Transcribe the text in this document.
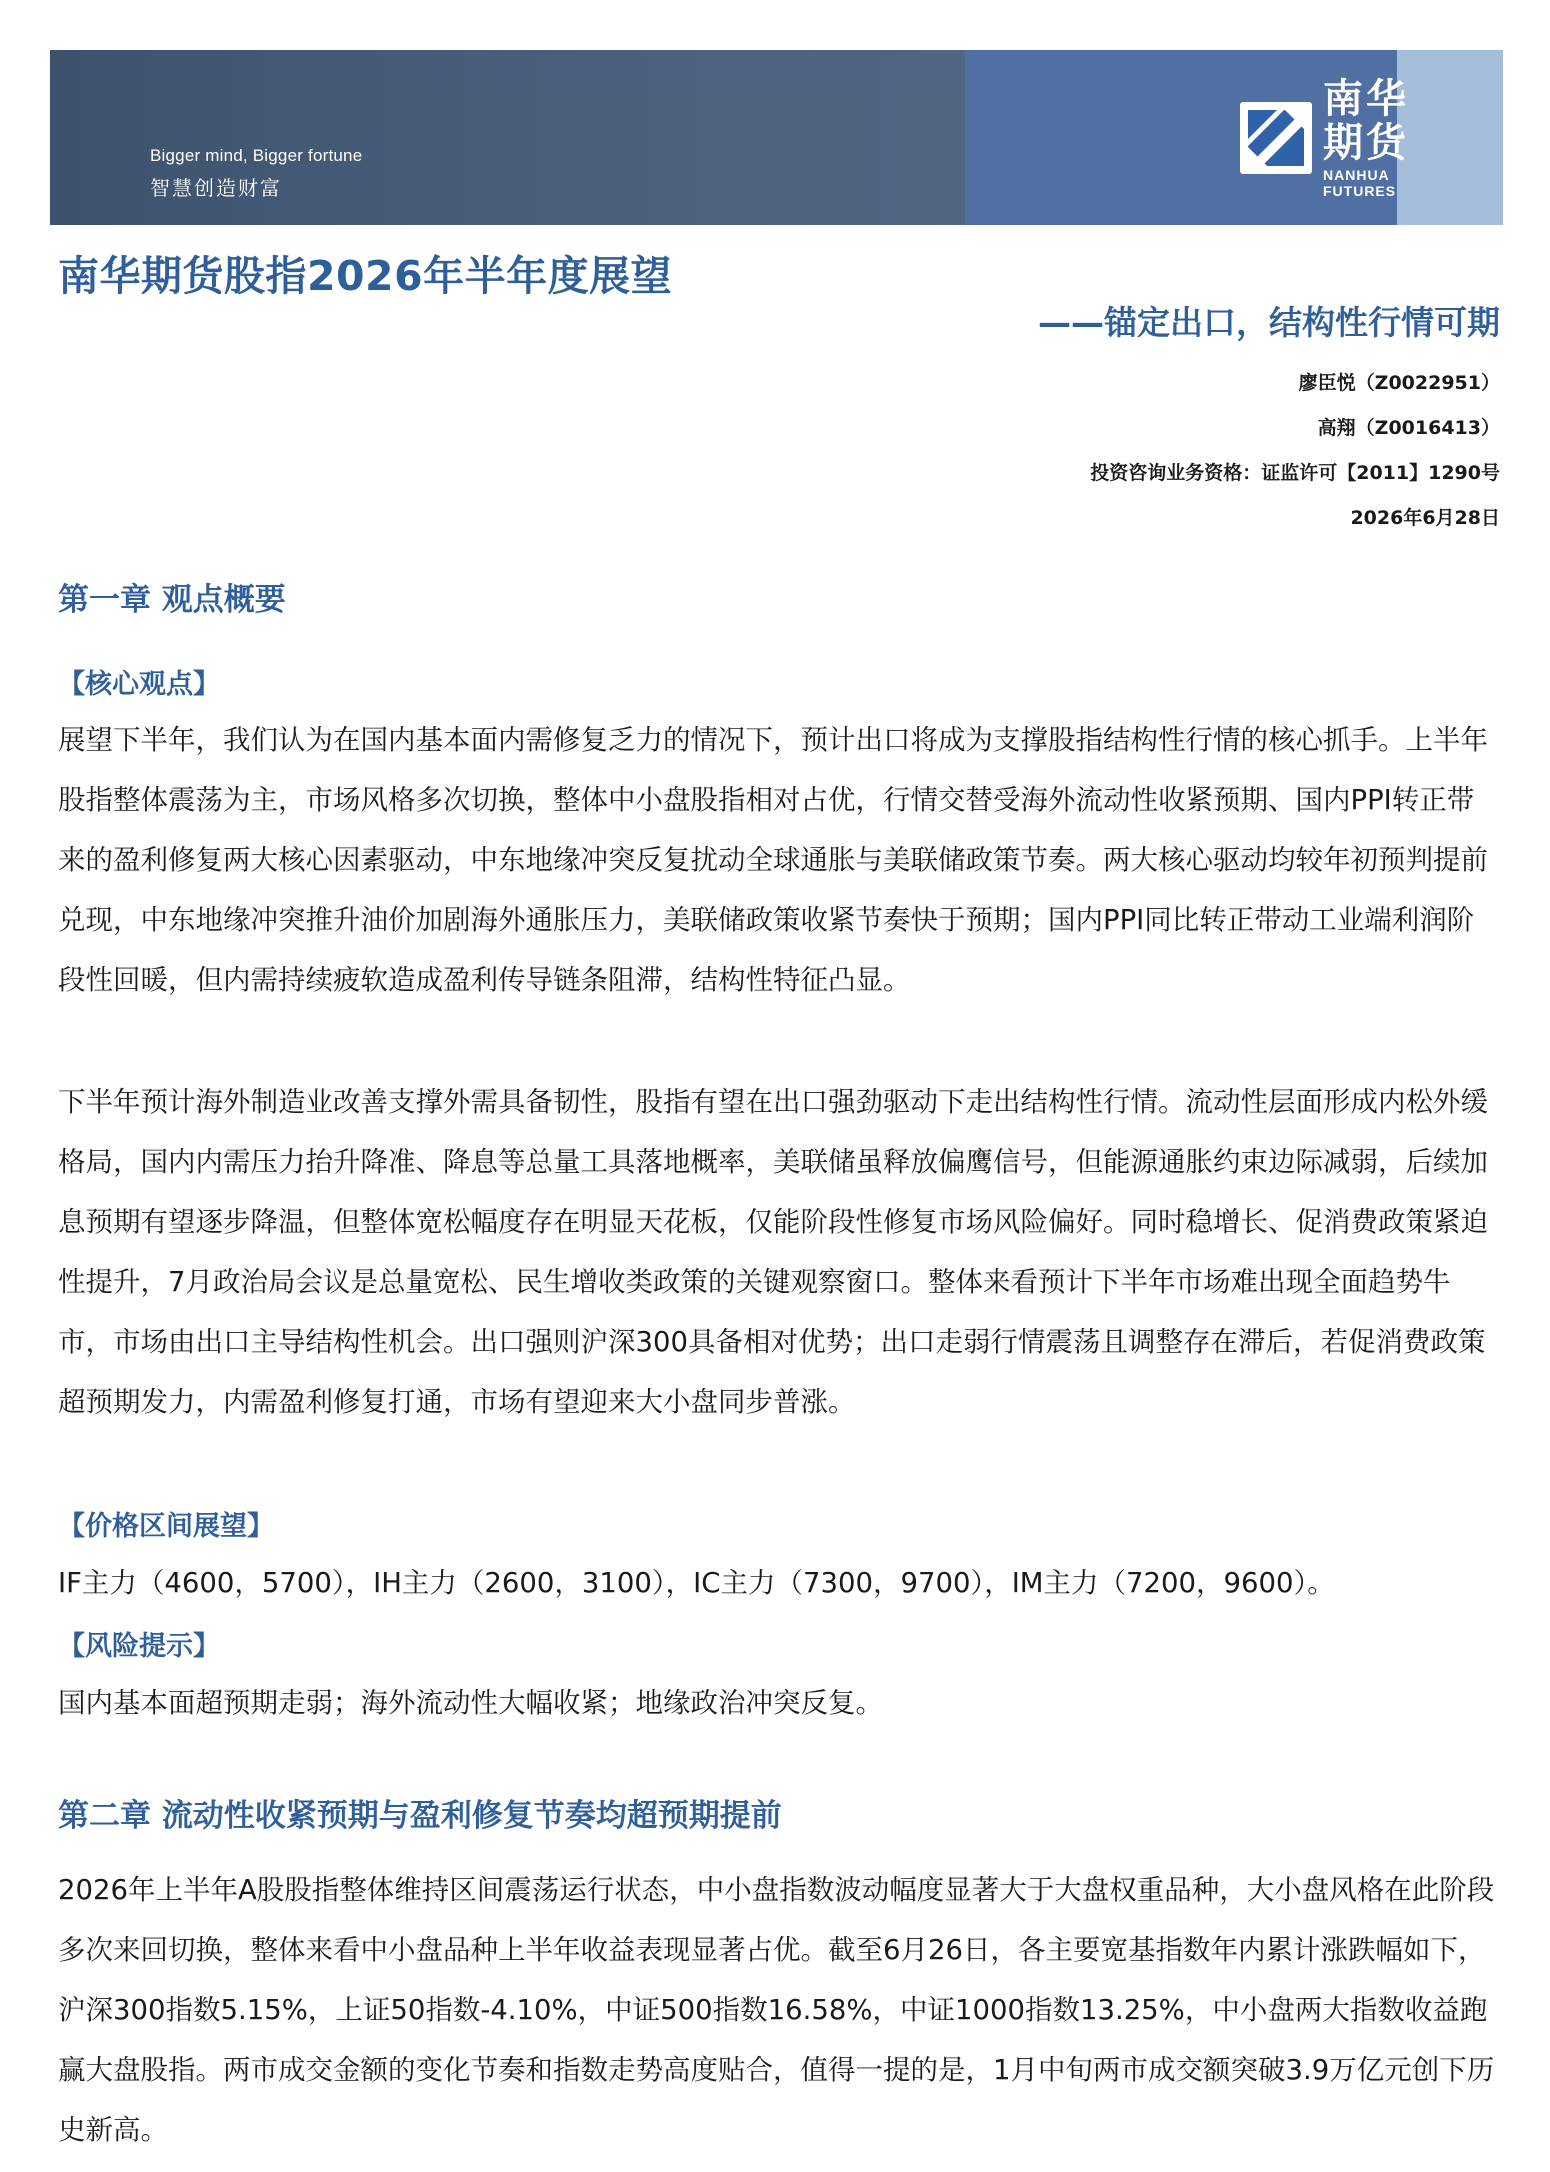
Bigger mind, Bigger fortune
智慧创造财富
南华期货
NANHUA FUTURES
南华期货股指2026年半年度展望
——锚定出口，结构性行情可期
廖臣悦（Z0022951）
高翔（Z0016413）
投资咨询业务资格：证监许可【2011】1290号
2026年6月28日
第一章 观点概要
【核心观点】
展望下半年，我们认为在国内基本面内需修复乏力的情况下，预计出口将成为支撑股指结构性行情的核心抓手。上半年股指整体震荡为主，市场风格多次切换，整体中小盘股指相对占优，行情交替受海外流动性收紧预期、国内PPI转正带来的盈利修复两大核心因素驱动，中东地缘冲突反复扰动全球通胀与美联储政策节奏。两大核心驱动均较年初预判提前兑现，中东地缘冲突推升油价加剧海外通胀压力，美联储政策收紧节奏快于预期；国内PPI同比转正带动工业端利润阶段性回暖，但内需持续疲软造成盈利传导链条阻滞，结构性特征凸显。
下半年预计海外制造业改善支撑外需具备韧性，股指有望在出口强劲驱动下走出结构性行情。流动性层面形成内松外缓格局，国内内需压力抬升降准、降息等总量工具落地概率，美联储虽释放偏鹰信号，但能源通胀约束边际减弱，后续加息预期有望逐步降温，但整体宽松幅度存在明显天花板，仅能阶段性修复市场风险偏好。同时稳增长、促消费政策紧迫性提升，7月政治局会议是总量宽松、民生增收类政策的关键观察窗口。整体来看预计下半年市场难出现全面趋势牛市，市场由出口主导结构性机会。出口强则沪深300具备相对优势；出口走弱行情震荡且调整存在滞后，若促消费政策超预期发力，内需盈利修复打通，市场有望迎来大小盘同步普涨。
【价格区间展望】
IF主力（4600，5700），IH主力（2600，3100），IC主力（7300，9700），IM主力（7200，9600）。
【风险提示】
国内基本面超预期走弱；海外流动性大幅收紧；地缘政治冲突反复。
第二章 流动性收紧预期与盈利修复节奏均超预期提前
2026年上半年A股股指整体维持区间震荡运行状态，中小盘指数波动幅度显著大于大盘权重品种，大小盘风格在此阶段多次来回切换，整体来看中小盘品种上半年收益表现显著占优。截至6月26日，各主要宽基指数年内累计涨跌幅如下，沪深300指数5.15%，上证50指数-4.10%，中证500指数16.58%，中证1000指数13.25%，中小盘两大指数收益跑赢大盘股指。两市成交金额的变化节奏和指数走势高度贴合，值得一提的是，1月中旬两市成交额突破3.9万亿元创下历史新高。
